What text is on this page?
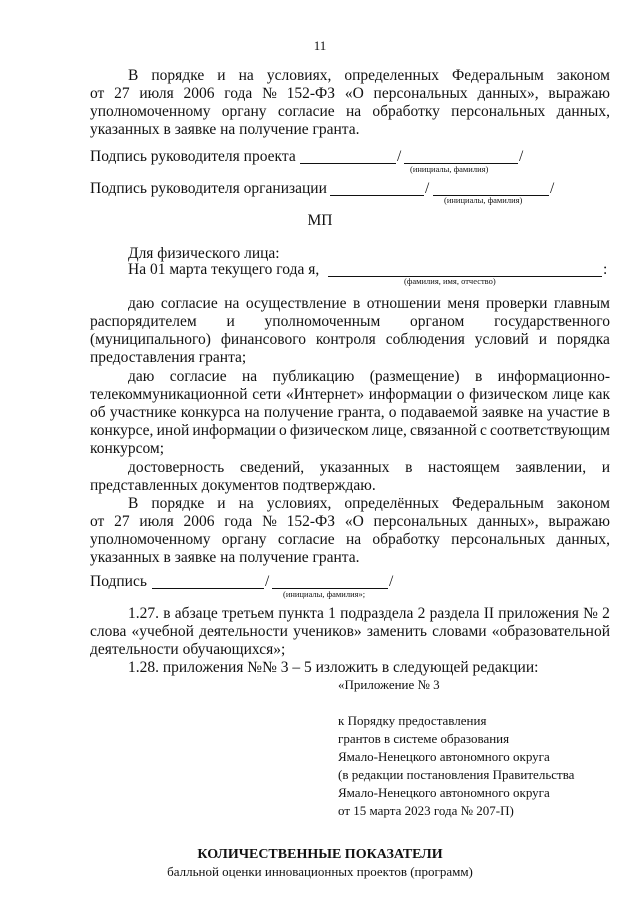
11
В порядке и на условиях, определенных Федеральным законом
от 27 июля 2006 года № 152-ФЗ «О персональных данных», выражаю
уполномоченному органу согласие на обработку персональных данных,
указанных в заявке на получение гранта.
Подпись руководителя проекта	/	/
(инициалы, фамилия)
Подпись руководителя организации	/	/
(инициалы, фамилия)
МП
Для физического лица:
На 01 марта текущего года я,	:
(фамилия, имя, отчество)
даю согласие на осуществление в отношении меня проверки главным
распорядителем и уполномоченным органом государственного
(муниципального) финансового контроля соблюдения условий и порядка
предоставления гранта;
даю согласие на публикацию (размещение) в информационно-
телекоммуникационной сети «Интернет» информации о физическом лице как
об участнике конкурса на получение гранта, о подаваемой заявке на участие в
конкурсе, иной информации о физическом лице, связанной с соответствующим
конкурсом;
достоверность сведений, указанных в настоящем заявлении, и
представленных документов подтверждаю.
В порядке и на условиях, определённых Федеральным законом
от 27 июля 2006 года № 152-ФЗ «О персональных данных», выражаю
уполномоченному органу согласие на обработку персональных данных,
указанных в заявке на получение гранта.
Подпись	/	/
(инициалы, фамилия»;
1.27. в абзаце третьем пункта 1 подраздела 2 раздела II приложения № 2
слова «учебной деятельности учеников» заменить словами «образовательной
деятельности обучающихся»;
1.28. приложения №№ 3 – 5 изложить в следующей редакции:
«Приложение № 3
к Порядку предоставления
грантов в системе образования
Ямало-Ненецкого автономного округа
(в редакции постановления Правительства
Ямало-Ненецкого автономного округа
от 15 марта 2023 года № 207-П)
КОЛИЧЕСТВЕННЫЕ ПОКАЗАТЕЛИ
балльной оценки инновационных проектов (программ)
